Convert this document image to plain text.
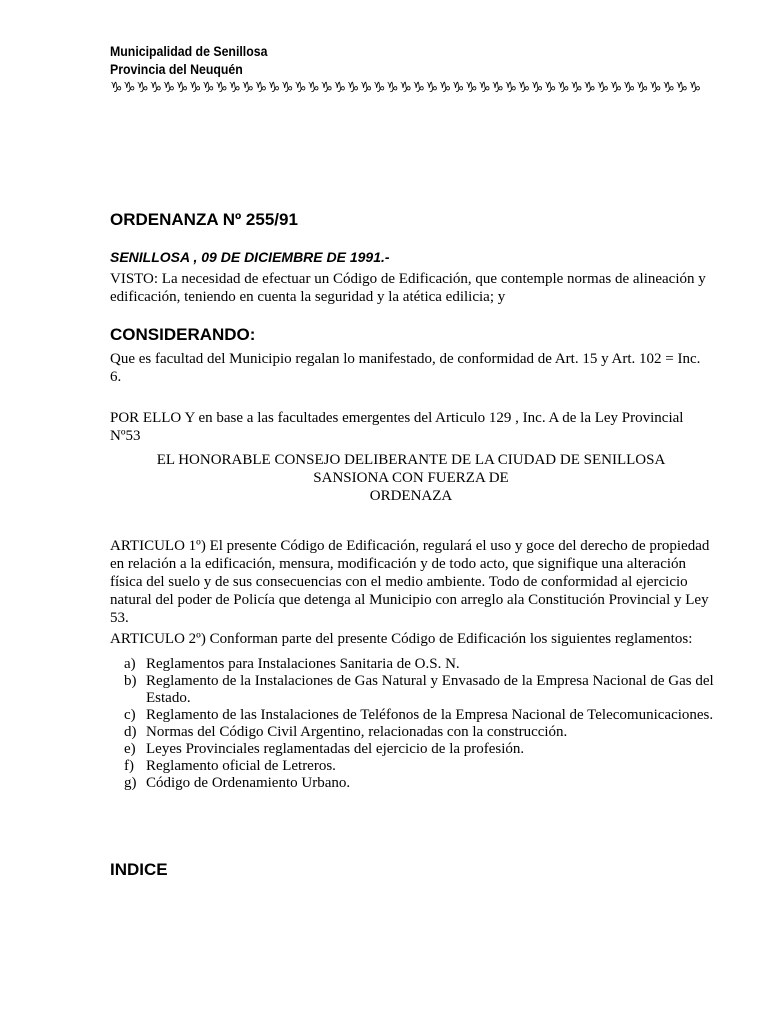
Municipalidad de Senillosa
Provincia del Neuquén
♑♑♑♑♑♑♑♑♑♑♑♑♑♑♑♑♑♑♑♑♑♑♑♑♑♑♑♑♑♑♑♑♑♑♑♑♑♑♑♑♑♑♑♑♑
ORDENANZA Nº 255/91

SENILLOSA , 09 DE DICIEMBRE DE 1991.-

VISTO: La necesidad de efectuar un Código de Edificación, que contemple normas de alineación y edificación, teniendo en cuenta la seguridad y la atética edilicia; y

CONSIDERANDO:

Que es facultad del Municipio regalan lo manifestado, de conformidad de Art. 15 y Art. 102 = Inc. 6.

POR ELLO Y en base a las facultades emergentes del Articulo 129 , Inc. A de la Ley Provincial Nº53

EL HONORABLE CONSEJO DELIBERANTE DE LA CIUDAD DE SENILLOSA
SANSIONA CON FUERZA DE
ORDENAZA

ARTICULO 1º) El presente Código de Edificación, regulará el uso y goce del derecho de propiedad en relación a la edificación, mensura, modificación y de todo acto, que signifique una alteración física del suelo y de sus consecuencias con el medio ambiente. Todo de conformidad al ejercicio natural del poder de Policía que detenga al Municipio con arreglo ala Constitución Provincial y Ley 53.

ARTICULO 2º) Conforman parte del presente Código de Edificación los siguientes reglamentos:

a) Reglamentos para Instalaciones Sanitaria de O.S. N.
b) Reglamento de la Instalaciones de Gas Natural y Envasado de la Empresa Nacional de Gas del Estado.
c) Reglamento de las Instalaciones de Teléfonos de la Empresa Nacional de Telecomunicaciones.
d) Normas del Código Civil Argentino, relacionadas con la construcción.
e) Leyes Provinciales reglamentadas del ejercicio de la profesión.
f) Reglamento oficial de Letreros.
g) Código de Ordenamiento Urbano.
INDICE
